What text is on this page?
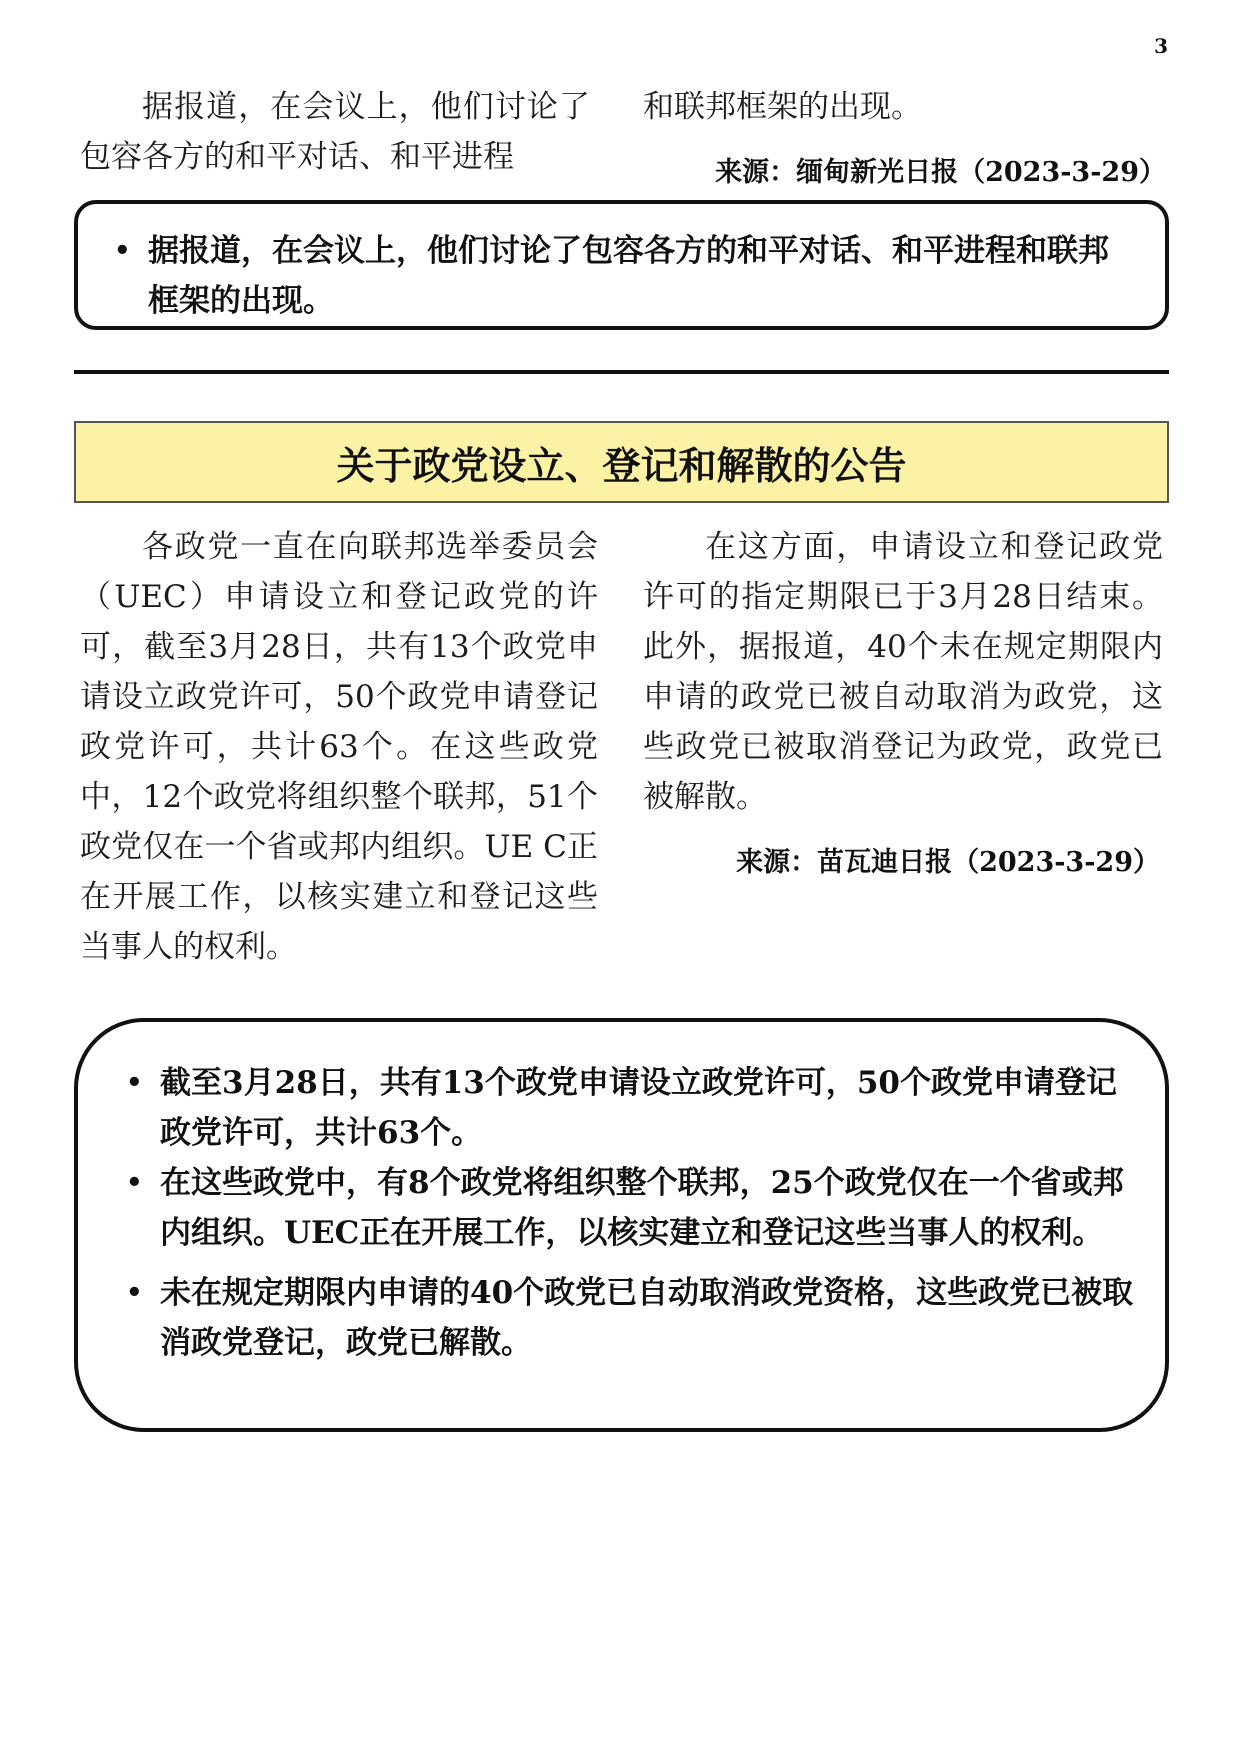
3

据报道，在会议上，他们讨论了包容各方的和平对话、和平进程

和联邦框架的出现。

来源：缅甸新光日报（2023-3-29）
• 据报道，在会议上，他们讨论了包容各方的和平对话、和平进程和联邦框架的出现。
关于政党设立、登记和解散的公告

各政党一直在向联邦选举委员会（UEC）申请设立和登记政党的许可，截至3月28日，共有13个政党申请设立政党许可，50个政党申请登记政党许可，共计63个。在这些政党中，12个政党将组织整个联邦，51个政党仅在一个省或邦内组织。UE C正在开展工作，以核实建立和登记这些当事人的权利。

在这方面，申请设立和登记政党许可的指定期限已于3月28日结束。此外，据报道，40个未在规定期限内申请的政党已被自动取消为政党，这些政党已被取消登记为政党，政党已被解散。

来源：苗瓦迪日报（2023-3-29）
• 截至3月28日，共有13个政党申请设立政党许可，50个政党申请登记政党许可，共计63个。
• 在这些政党中，有8个政党将组织整个联邦，25个政党仅在一个省或邦内组织。UEC正在开展工作，以核实建立和登记这些当事人的权利。
• 未在规定期限内申请的40个政党已自动取消政党资格，这些政党已被取消政党登记，政党已解散。
